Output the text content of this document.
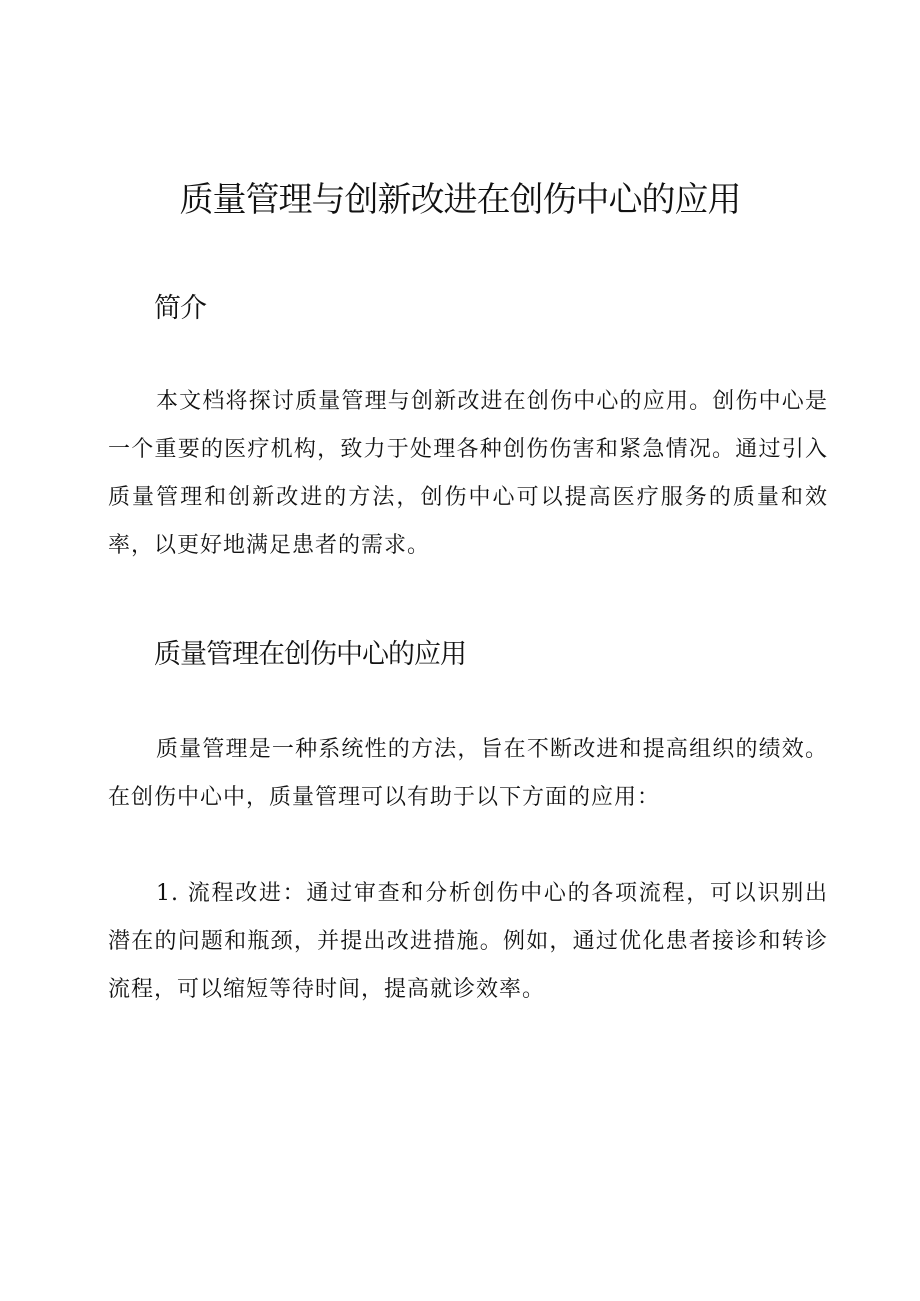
质量管理与创新改进在创伤中心的应用
简介

本文档将探讨质量管理与创新改进在创伤中心的应用。创伤中心是一个重要的医疗机构，致力于处理各种创伤伤害和紧急情况。通过引入质量管理和创新改进的方法，创伤中心可以提高医疗服务的质量和效率，以更好地满足患者的需求。

质量管理在创伤中心的应用

质量管理是一种系统性的方法，旨在不断改进和提高组织的绩效。在创伤中心中，质量管理可以有助于以下方面的应用：

1. 流程改进：通过审查和分析创伤中心的各项流程，可以识别出潜在的问题和瓶颈，并提出改进措施。例如，通过优化患者接诊和转诊流程，可以缩短等待时间，提高就诊效率。
